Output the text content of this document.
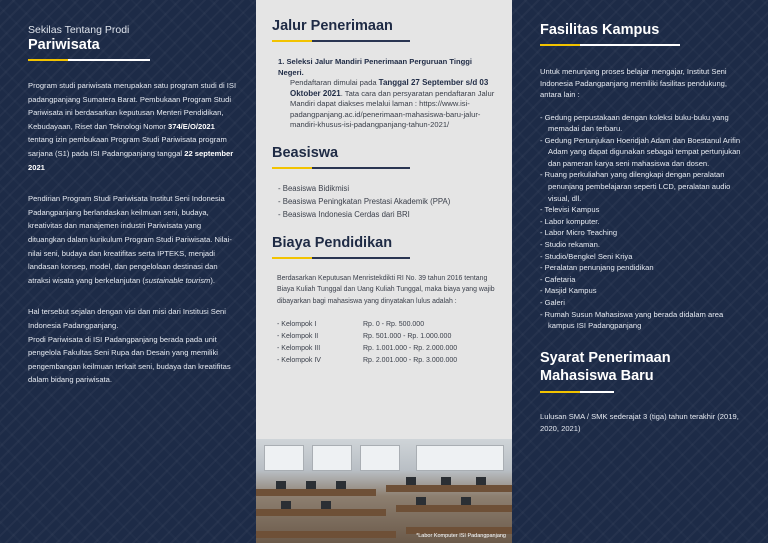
Sekilas Tentang Prodi
Pariwisata

Program studi pariwisata merupakan satu program studi di ISI padangpanjang Sumatera Barat. Pembukaan Program Studi Pariwisata ini berdasarkan keputusan Menteri Pendidikan, Kebudayaan, Riset dan Teknologi Nomor 374/E/O/2021 tentang izin pembukaan Program Studi Pariwisata program sarjana (S1) pada ISI Padangpanjang tanggal 22 september 2021

Pendirian Program Studi Pariwisata Institut Seni Indonesia Padangpanjang berlandaskan keilmuan seni, budaya, kreativitas dan manajemen industri Pariwisata yang dituangkan dalam kurikulum Program Studi Pariwisata. Nilai-nilai seni, budaya dan kreatifitas serta IPTEKS, menjadi landasan konsep, model, dan pengelolaan destinasi dan atraksi wisata yang berkelanjutan (sustainable tourism).

Hal tersebut sejalan dengan visi dan misi dari Institusi Seni Indonesia Padangpanjang.
Prodi Pariwisata di ISI Padangpanjang berada pada unit pengelola Fakultas Seni Rupa dan Desain yang memiliki pengembangan keilmuan terkait seni, budaya dan kreatifitas dalam bidang pariwisata.

Jalur Penerimaan
1. Seleksi Jalur Mandiri Penerimaan Perguruan Tinggi Negeri.
Pendaftaran dimulai pada Tanggal 27 September s/d 03 Oktober 2021. Tata cara dan persyaratan pendaftaran Jalur Mandiri dapat diakses melalui laman : https://www.isi-padangpanjang.ac.id/penerimaan-mahasiswa-baru-jalur-mandiri-khusus-isi-padangpanjang-tahun-2021/
Beasiswa
- Beasiswa Bidikmisi
- Beasiswa Peningkatan Prestasi Akademik (PPA)
- Beasiswa Indonesia Cerdas dari BRI
Biaya Pendidikan
Berdasarkan Keputusan Menristekdikti RI No. 39 tahun 2016 tentang Biaya Kuliah Tunggal dan Uang Kuliah Tunggal, maka biaya yang wajib dibayarkan bagi mahasiswa yang dinyatakan lulus adalah :
- Kelompok I	Rp. 0 - Rp. 500.000
- Kelompok II	Rp. 501.000 - Rp. 1.000.000
- Kelompok III	Rp. 1.001.000 - Rp. 2.000.000
- Kelompok IV	Rp. 2.001.000 - Rp. 3.000.000
*Labor Komputer ISI Padangpanjang
Fasilitas Kampus
Untuk menunjang proses belajar mengajar, Institut Seni Indonesia Padangpanjang memiliki fasilitas pendukung, antara lain :
- Gedung perpustakaan dengan koleksi buku-buku yang memadai dan terbaru.
- Gedung Pertunjukan Hoeridjah Adam dan Boestanul Arifin Adam yang dapat digunakan sebagai tempat pertunjukan dan pameran karya seni mahasiswa dan dosen.
- Ruang perkuliahan yang dilengkapi dengan peralatan penunjang pembelajaran seperti LCD, peralatan audio visual, dll.
- Televisi Kampus
- Labor komputer.
- Labor Micro Teaching
- Studio rekaman.
- Studio/Bengkel Seni Kriya
- Peralatan penunjang pendidikan
- Cafetaria
- Masjid Kampus
- Galeri
- Rumah Susun Mahasiswa yang berada didalam area kampus ISI Padangpanjang
Syarat Penerimaan
Mahasiswa Baru
Lulusan SMA / SMK sederajat 3 (tiga) tahun terakhir (2019, 2020, 2021)
